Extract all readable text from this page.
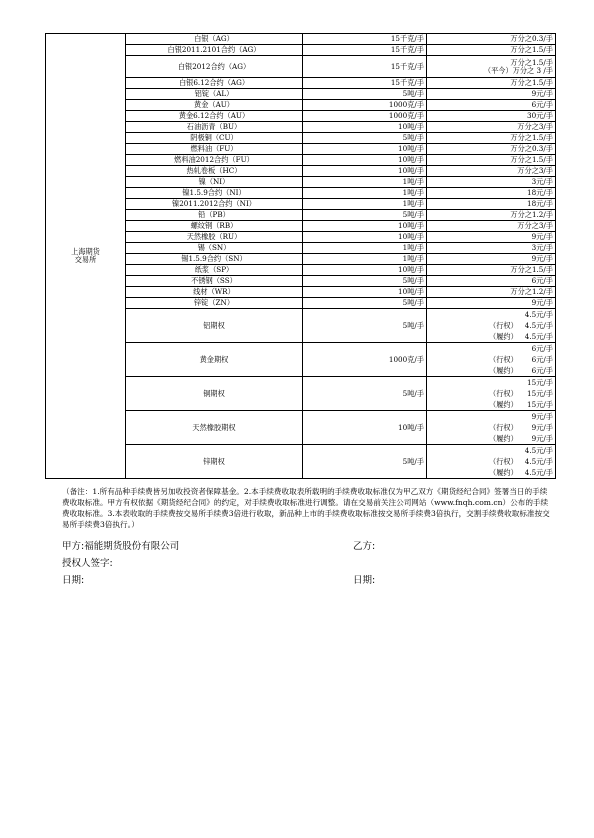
上海期货
交易所	白银（AG）	15千克/手	万分之0.3/手
	白银2011.2101合约（AG）	15千克/手	万分之1.5/手
	白银2012合约（AG）	15千克/手	万分之1.5/手
（平今）万分之 3 /手

	白银6.12合约（AG）	15千克/手	万分之1.5/手
	铝锭（AL）	5吨/手	9元/手
	黄金（AU）	1000克/手	6元/手
	黄金6.12合约（AU）	1000克/手	30元/手
	石油沥青（BU）	10吨/手	万分之3/手
	阴极铜（CU）	5吨/手	万分之1.5/手
	燃料油（FU）	10吨/手	万分之0.3/手
	燃料油2012合约（FU）	10吨/手	万分之1.5/手
	热轧卷板（HC）	10吨/手	万分之3/手
	镍（NI）	1吨/手	3元/手
	镍1.5.9合约（NI）	1吨/手	18元/手
	镍2011.2012合约（NI）	1吨/手	18元/手
	铅（PB）	5吨/手	万分之1.2/手
	螺纹钢（RB）	10吨/手	万分之3/手
	天然橡胶（RU）	10吨/手	9元/手
	锡（SN）	1吨/手	3元/手
	锡1.5.9合约（SN）	1吨/手	9元/手
	纸浆（SP）	10吨/手	万分之1.5/手
	不锈钢（SS）	5吨/手	6元/手
	线材（WR）	10吨/手	万分之1.2/手
	锌锭（ZN）	5吨/手	9元/手
	铝期权	5吨/手	4.5元/手
（行权） 4.5元/手
（履约） 4.5元/手

	黄金期权	1000克/手	6元/手
（行权） 6元/手
（履约） 6元/手

	铜期权	5吨/手	15元/手
（行权） 15元/手
（履约） 15元/手

	天然橡胶期权	10吨/手	9元/手
（行权） 9元/手
（履约） 9元/手

	锌期权	5吨/手	4.5元/手
（行权） 4.5元/手
（履约） 4.5元/手
（备注：1.所有品种手续费皆另加收投资者保障基金。2.本手续费收取表所载明的手续费收取标准仅为甲乙双方《期货经纪合同》签署当日的手续费收取标准。甲方有权依据《期货经纪合同》的约定，对手续费收取标准进行调整。请在交易前关注公司网站（www.fnqh.com.cn）公布的手续费收取标准。3.本表收取的手续费按交易所手续费3倍进行收取，新品种上市的手续费收取标准按交易所手续费3倍执行，交割手续费收取标准按交易所手续费3倍执行。）
甲方:福能期货股份有限公司	乙方:
授权人签字:
日期:	日期:
